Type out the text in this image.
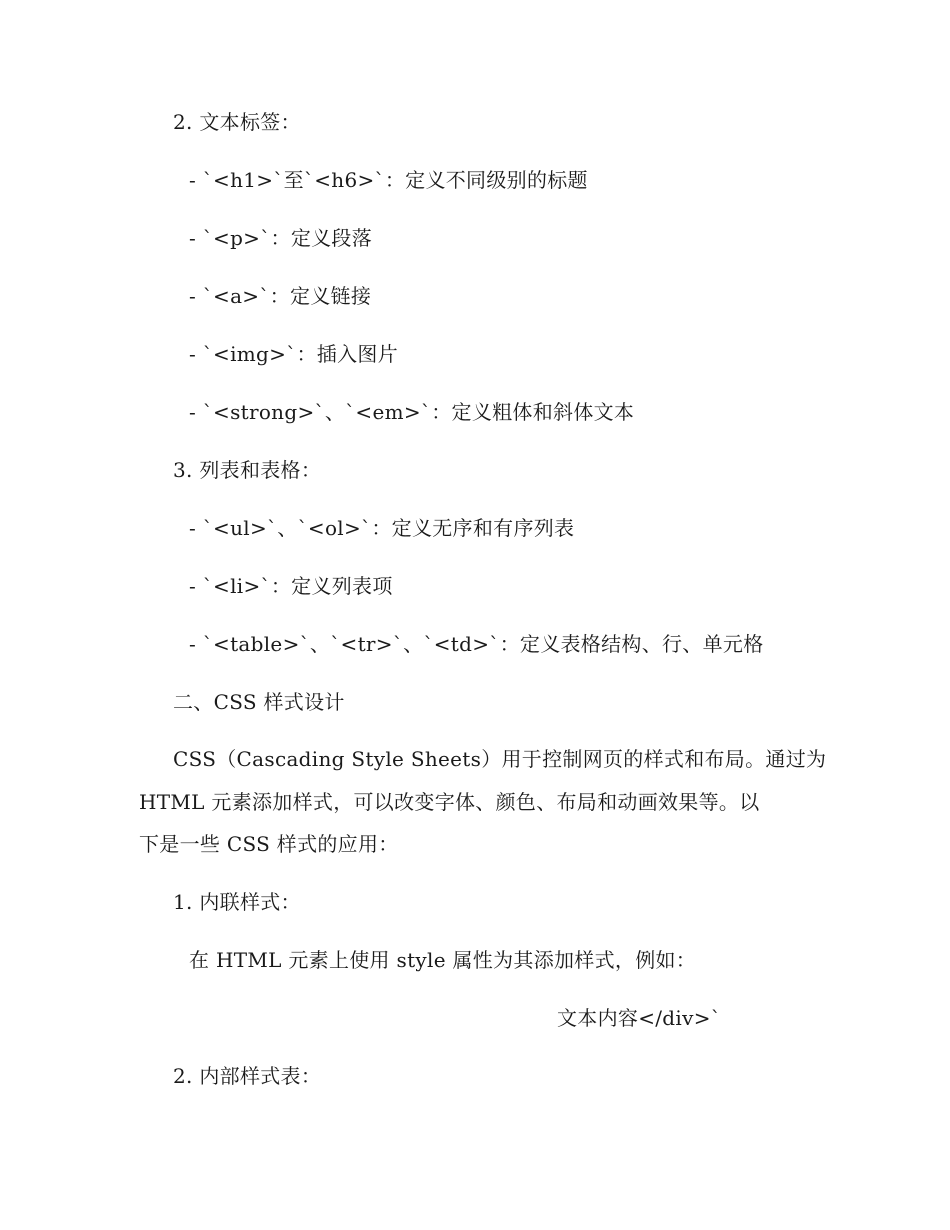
2. 文本标签：
- `<h1>`至`<h6>`：定义不同级别的标题
- `<p>`：定义段落
- `<a>`：定义链接
- `<img>`：插入图片
- `<strong>`、`<em>`：定义粗体和斜体文本
3. 列表和表格：
- `<ul>`、`<ol>`：定义无序和有序列表
- `<li>`：定义列表项
- `<table>`、`<tr>`、`<td>`：定义表格结构、行、单元格
二、CSS 样式设计
CSS（Cascading Style Sheets）用于控制网页的样式和布局。通过为
HTML 元素添加样式，可以改变字体、颜色、布局和动画效果等。以
下是一些 CSS 样式的应用：
1. 内联样式：
在 HTML 元素上使用 style 属性为其添加样式，例如：
文本内容</div>`
2. 内部样式表：
